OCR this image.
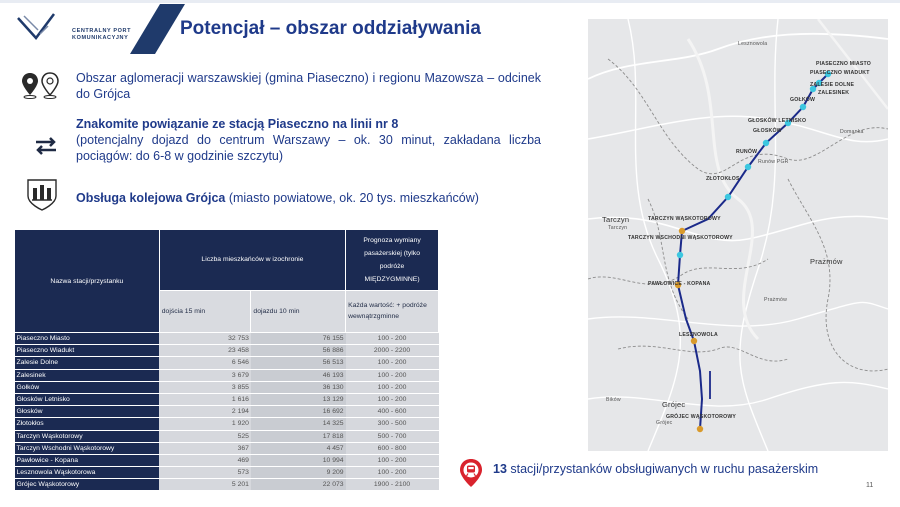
CENTRALNY PORT
KOMUNIKACYJNY	Potencjał – obszar oddziaływania
Obszar aglomeracji warszawskiej (gmina Piaseczno) i regionu Mazowsza – odcinek do Grójca
Znakomite powiązanie ze stacją Piaseczno na linii nr 8
(potencjalny dojazd do centrum Warszawy – ok. 30 minut, zakładana liczba pociągów: do 6-8 w godzinie szczytu)
Obsługa kolejowa Grójca (miasto powiatowe, ok. 20 tys. mieszkańców)
Nazwa stacji/przystanku	Liczba mieszkańców w izochronie		Prognoza wymiany pasażerskiej (tylko podróże MIĘDZYGMINNE)
	dojścia 15 min	dojazdu 10 min	Każda wartość: + podróże wewnątrzgminne
Piaseczno Miasto	32 753	76 155	100 - 200
Piaseczno Wiadukt	23 458	56 886	2000 - 2200
Zalesie Dolne	6 546	56 513	100 - 200
Zalesinek	3 679	46 193	100 - 200
Gołków	3 855	36 130	100 - 200
Głosków Letnisko	1 616	13 129	100 - 200
Głosków	2 194	16 692	400 - 600
Złotokłos	1 920	14 325	300 - 500
Tarczyn Wąskotorowy	525	17 818	500 - 700
Tarczyn Wschodni Wąskotorowy	367	4 457	600 - 800
Pawłowice - Kopana	469	10 994	100 - 200
Lesznowola Wąskotorowa	573	9 209	100 - 200
Grójec Wąskotorowy	5 201	22 073	1900 - 2100
Lesznowola
PIASECZNO MIASTO
PIASECZNO WIADUKT
ZALESIE DOLNE
ZALESINEK
GOŁKÓW
GŁOSKÓW LETNISKO
GŁOSKÓW	Domanka
RUNÓW
Runów PGR
ZŁOTOKŁOS
Tarczyn
Tarczyn
TARCZYN WĄSKOTOROWY
TARCZYN WSCHODNI WĄSKOTOROWY
Prażmów
Prażmów
PAWŁOWICE - KOPANA
LESZNOWOLA
Bików	Grójec
Grójec
GRÓJEC WĄSKOTOROWY
13 stacji/przystanków obsługiwanych w ruchu pasażerskim
11
